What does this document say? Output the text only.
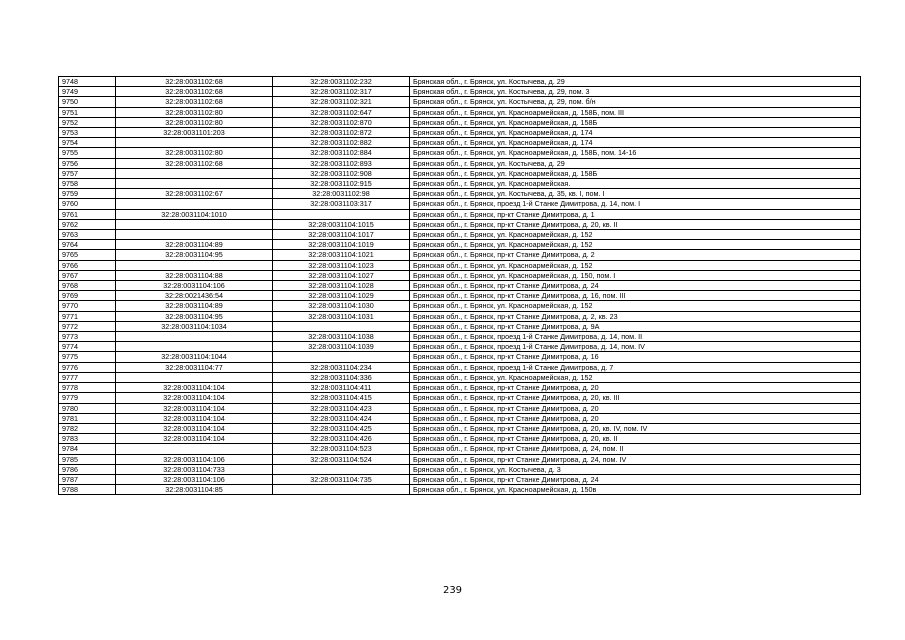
9748	32:28:0031102:68	32:28:0031102:232	Брянская обл., г. Брянск, ул. Костычева, д. 29
9749	32:28:0031102:68	32:28:0031102:317	Брянская обл., г. Брянск, ул. Костычева, д. 29, пом. 3
9750	32:28:0031102:68	32:28:0031102:321	Брянская обл., г. Брянск, ул. Костычева, д. 29, пом. б/н
9751	32:28:0031102:80	32:28:0031102:647	Брянская обл., г. Брянск, ул. Красноармейская, д. 158Б, пом. III
9752	32:28:0031102:80	32:28:0031102:870	Брянская обл., г. Брянск, ул. Красноармейская, д. 158Б
9753	32:28:0031101:203	32:28:0031102:872	Брянская обл., г. Брянск, ул. Красноармейская, д. 174
9754		32:28:0031102:882	Брянская обл., г. Брянск, ул. Красноармейская, д. 174
9755	32:28:0031102:80	32:28:0031102:884	Брянская обл., г. Брянск, ул. Красноармейская, д. 158Б, пом. 14-16
9756	32:28:0031102:68	32:28:0031102:893	Брянская обл., г. Брянск, ул. Костычева, д. 29
9757		32:28:0031102:908	Брянская обл., г. Брянск, ул. Красноармейская, д. 158Б
9758		32:28:0031102:915	Брянская обл., г. Брянск, ул. Красноармейская.
9759	32:28:0031102:67	32:28:0031102:98	Брянская обл., г. Брянск, ул. Костычева, д. 35, кв. I, пом. I
9760		32:28:0031103:317	Брянская обл., г. Брянск, проезд 1-й Станке Димитрова, д. 14, пом. I
9761	32:28:0031104:1010		Брянская обл., г. Брянск, пр-кт Станке Димитрова, д. 1
9762		32:28:0031104:1015	Брянская обл., г. Брянск, пр-кт Станке Димитрова, д. 20, кв. II
9763		32:28:0031104:1017	Брянская обл., г. Брянск, ул. Красноармейская, д. 152
9764	32:28:0031104:89	32:28:0031104:1019	Брянская обл., г. Брянск, ул. Красноармейская, д. 152
9765	32:28:0031104:95	32:28:0031104:1021	Брянская обл., г. Брянск, пр-кт Станке Димитрова, д. 2
9766		32:28:0031104:1023	Брянская обл., г. Брянск, ул. Красноармейская, д. 152
9767	32:28:0031104:88	32:28:0031104:1027	Брянская обл., г. Брянск, ул. Красноармейская, д. 150, пом. I
9768	32:28:0031104:106	32:28:0031104:1028	Брянская обл., г. Брянск, пр-кт Станке Димитрова, д. 24
9769	32:28:0021436:54	32:28:0031104:1029	Брянская обл., г. Брянск, пр-кт Станке Димитрова, д. 16, пом. III
9770	32:28:0031104:89	32:28:0031104:1030	Брянская обл., г. Брянск, ул. Красноармейская, д. 152
9771	32:28:0031104:95	32:28:0031104:1031	Брянская обл., г. Брянск, пр-кт Станке Димитрова, д. 2, кв. 23
9772	32:28:0031104:1034		Брянская обл., г. Брянск, пр-кт Станке Димитрова, д. 9А
9773		32:28:0031104:1038	Брянская обл., г. Брянск, проезд 1-й Станке Димитрова, д. 14, пом. II
9774		32:28:0031104:1039	Брянская обл., г. Брянск, проезд 1-й Станке Димитрова, д. 14, пом. IV
9775	32:28:0031104:1044		Брянская обл., г. Брянск, пр-кт Станке Димитрова, д. 16
9776	32:28:0031104:77	32:28:0031104:234	Брянская обл., г. Брянск, проезд 1-й Станке Димитрова, д. 7
9777		32:28:0031104:336	Брянская обл., г. Брянск, ул. Красноармейская, д. 152
9778	32:28:0031104:104	32:28:0031104:411	Брянская обл., г. Брянск, пр-кт Станке Димитрова, д. 20
9779	32:28:0031104:104	32:28:0031104:415	Брянская обл., г. Брянск, пр-кт Станке Димитрова, д. 20, кв. III
9780	32:28:0031104:104	32:28:0031104:423	Брянская обл., г. Брянск, пр-кт Станке Димитрова, д. 20
9781	32:28:0031104:104	32:28:0031104:424	Брянская обл., г. Брянск, пр-кт Станке Димитрова, д. 20
9782	32:28:0031104:104	32:28:0031104:425	Брянская обл., г. Брянск, пр-кт Станке Димитрова, д. 20, кв. IV, пом. IV
9783	32:28:0031104:104	32:28:0031104:426	Брянская обл., г. Брянск, пр-кт Станке Димитрова, д. 20, кв. II
9784		32:28:0031104:523	Брянская обл., г. Брянск, пр-кт Станке Димитрова, д. 24, пом. II
9785	32:28:0031104:106	32:28:0031104:524	Брянская обл., г. Брянск, пр-кт Станке Димитрова, д. 24, пом. IV
9786	32:28:0031104:733		Брянская обл., г. Брянск, ул. Костычева, д. 3
9787	32:28:0031104:106	32:28:0031104:735	Брянская обл., г. Брянск, пр-кт Станке Димитрова, д. 24
9788	32:28:0031104:85		Брянская обл., г. Брянск, ул. Красноармейская, д. 150в
239
